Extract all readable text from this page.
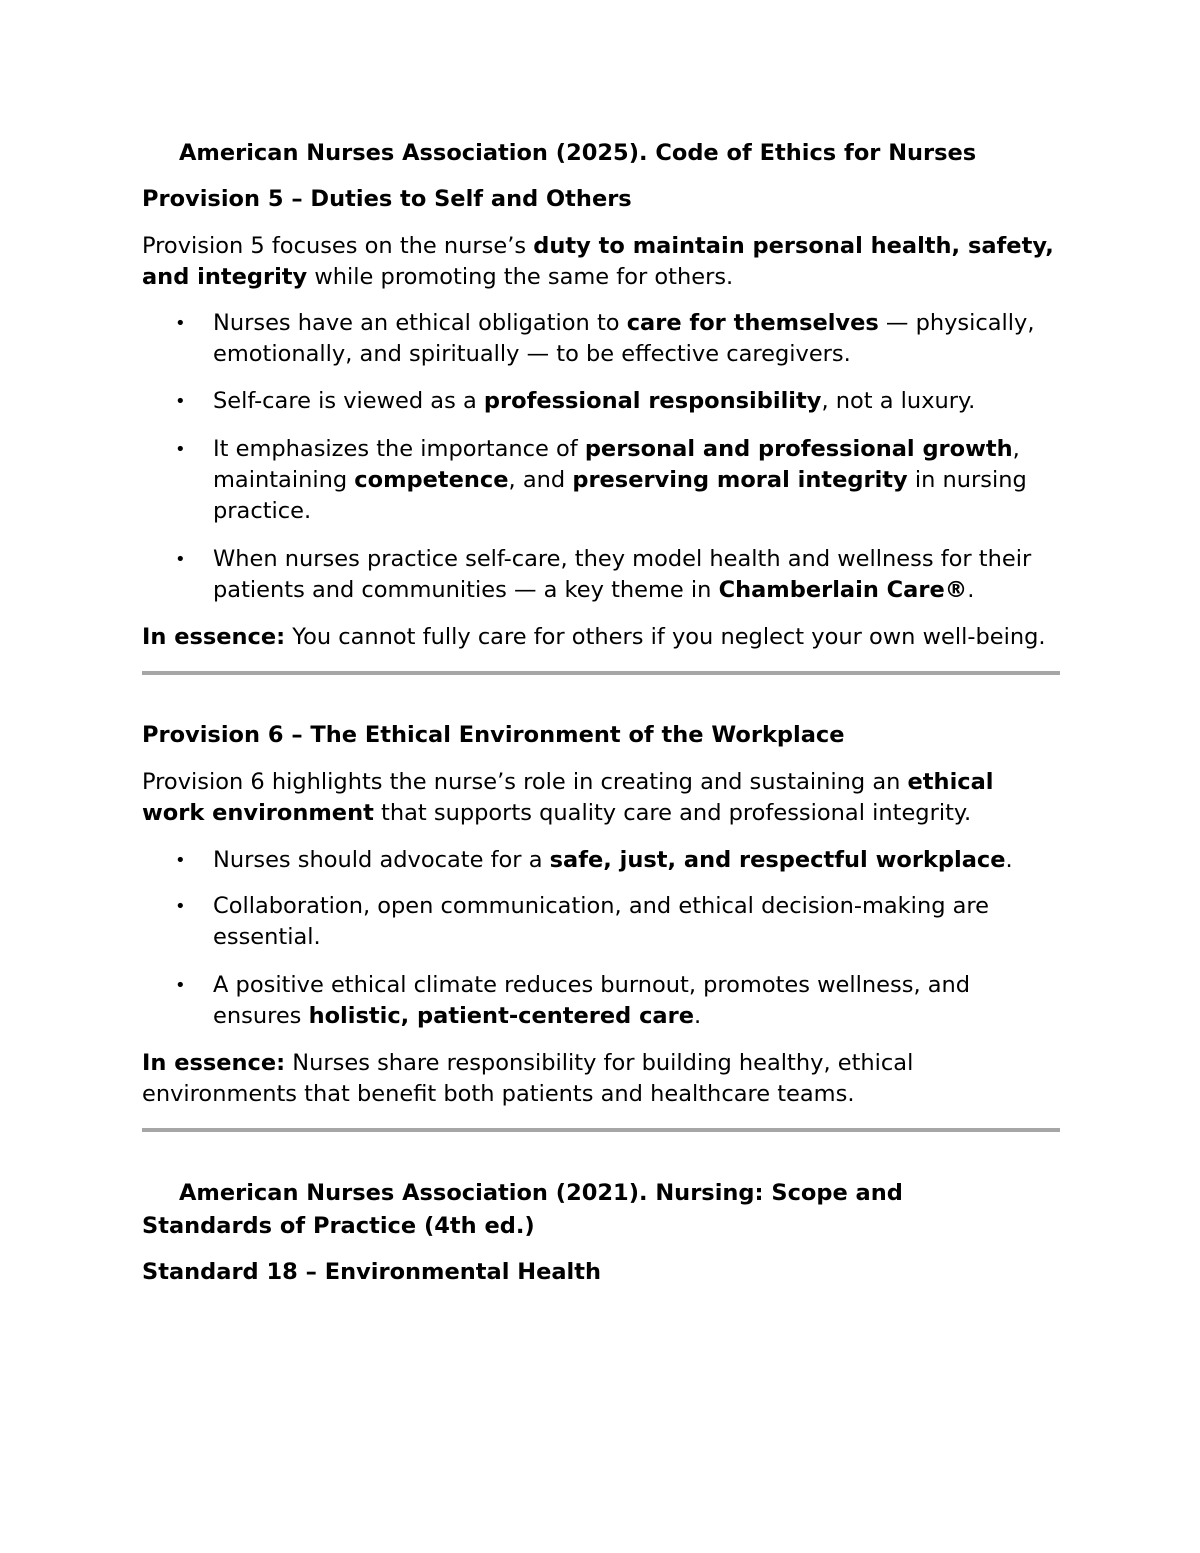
American Nurses Association (2025). Code of Ethics for Nurses

Provision 5 – Duties to Self and Others

Provision 5 focuses on the nurse’s duty to maintain personal health, safety, and integrity while promoting the same for others.

• Nurses have an ethical obligation to care for themselves — physically, emotionally, and spiritually — to be effective caregivers.
• Self-care is viewed as a professional responsibility, not a luxury.
• It emphasizes the importance of personal and professional growth, maintaining competence, and preserving moral integrity in nursing practice.
• When nurses practice self-care, they model health and wellness for their patients and communities — a key theme in Chamberlain Care®.

In essence: You cannot fully care for others if you neglect your own well-being.

Provision 6 – The Ethical Environment of the Workplace

Provision 6 highlights the nurse’s role in creating and sustaining an ethical work environment that supports quality care and professional integrity.

• Nurses should advocate for a safe, just, and respectful workplace.
• Collaboration, open communication, and ethical decision-making are essential.
• A positive ethical climate reduces burnout, promotes wellness, and ensures holistic, patient-centered care.

In essence: Nurses share responsibility for building healthy, ethical environments that benefit both patients and healthcare teams.

American Nurses Association (2021). Nursing: Scope and Standards of Practice (4th ed.)

Standard 18 – Environmental Health
